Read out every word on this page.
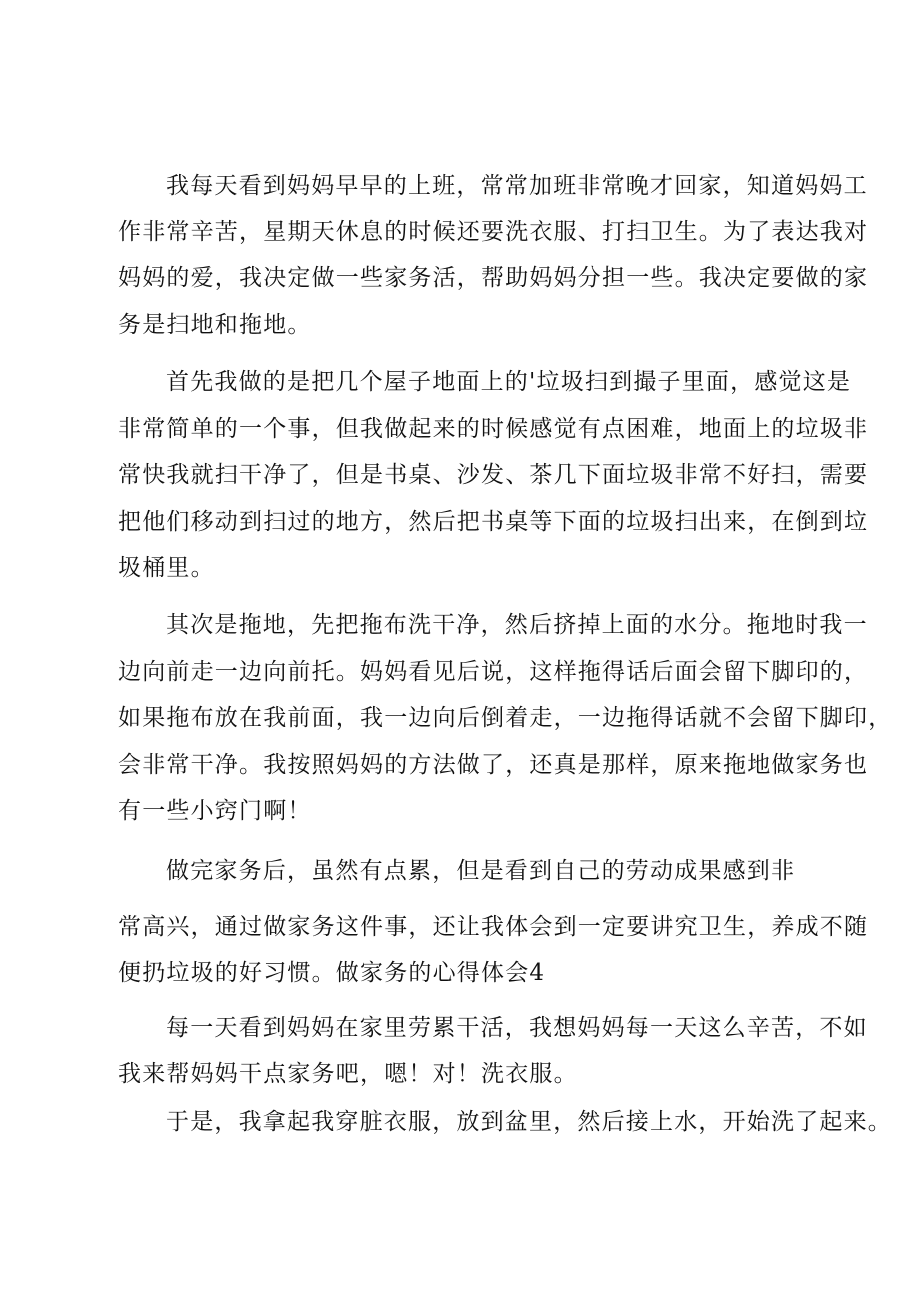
我每天看到妈妈早早的上班，常常加班非常晚才回家，知道妈妈工
作非常辛苦，星期天休息的时候还要洗衣服、打扫卫生。为了表达我对
妈妈的爱，我决定做一些家务活，帮助妈妈分担一些。我决定要做的家
务是扫地和拖地。
首先我做的是把几个屋子地面上的'垃圾扫到撮子里面，感觉这是
非常简单的一个事，但我做起来的时候感觉有点困难，地面上的垃圾非
常快我就扫干净了，但是书桌、沙发、茶几下面垃圾非常不好扫，需要
把他们移动到扫过的地方，然后把书桌等下面的垃圾扫出来，在倒到垃
圾桶里。
其次是拖地，先把拖布洗干净，然后挤掉上面的水分。拖地时我一
边向前走一边向前托。妈妈看见后说，这样拖得话后面会留下脚印的，
如果拖布放在我前面，我一边向后倒着走，一边拖得话就不会留下脚印，
会非常干净。我按照妈妈的方法做了，还真是那样，原来拖地做家务也
有一些小窍门啊！
做完家务后，虽然有点累，但是看到自己的劳动成果感到非
常高兴，通过做家务这件事，还让我体会到一定要讲究卫生，养成不随
便扔垃圾的好习惯。做家务的心得体会4
每一天看到妈妈在家里劳累干活，我想妈妈每一天这么辛苦，不如
我来帮妈妈干点家务吧，嗯！对！洗衣服。
于是，我拿起我穿脏衣服，放到盆里，然后接上水，开始洗了起来。
